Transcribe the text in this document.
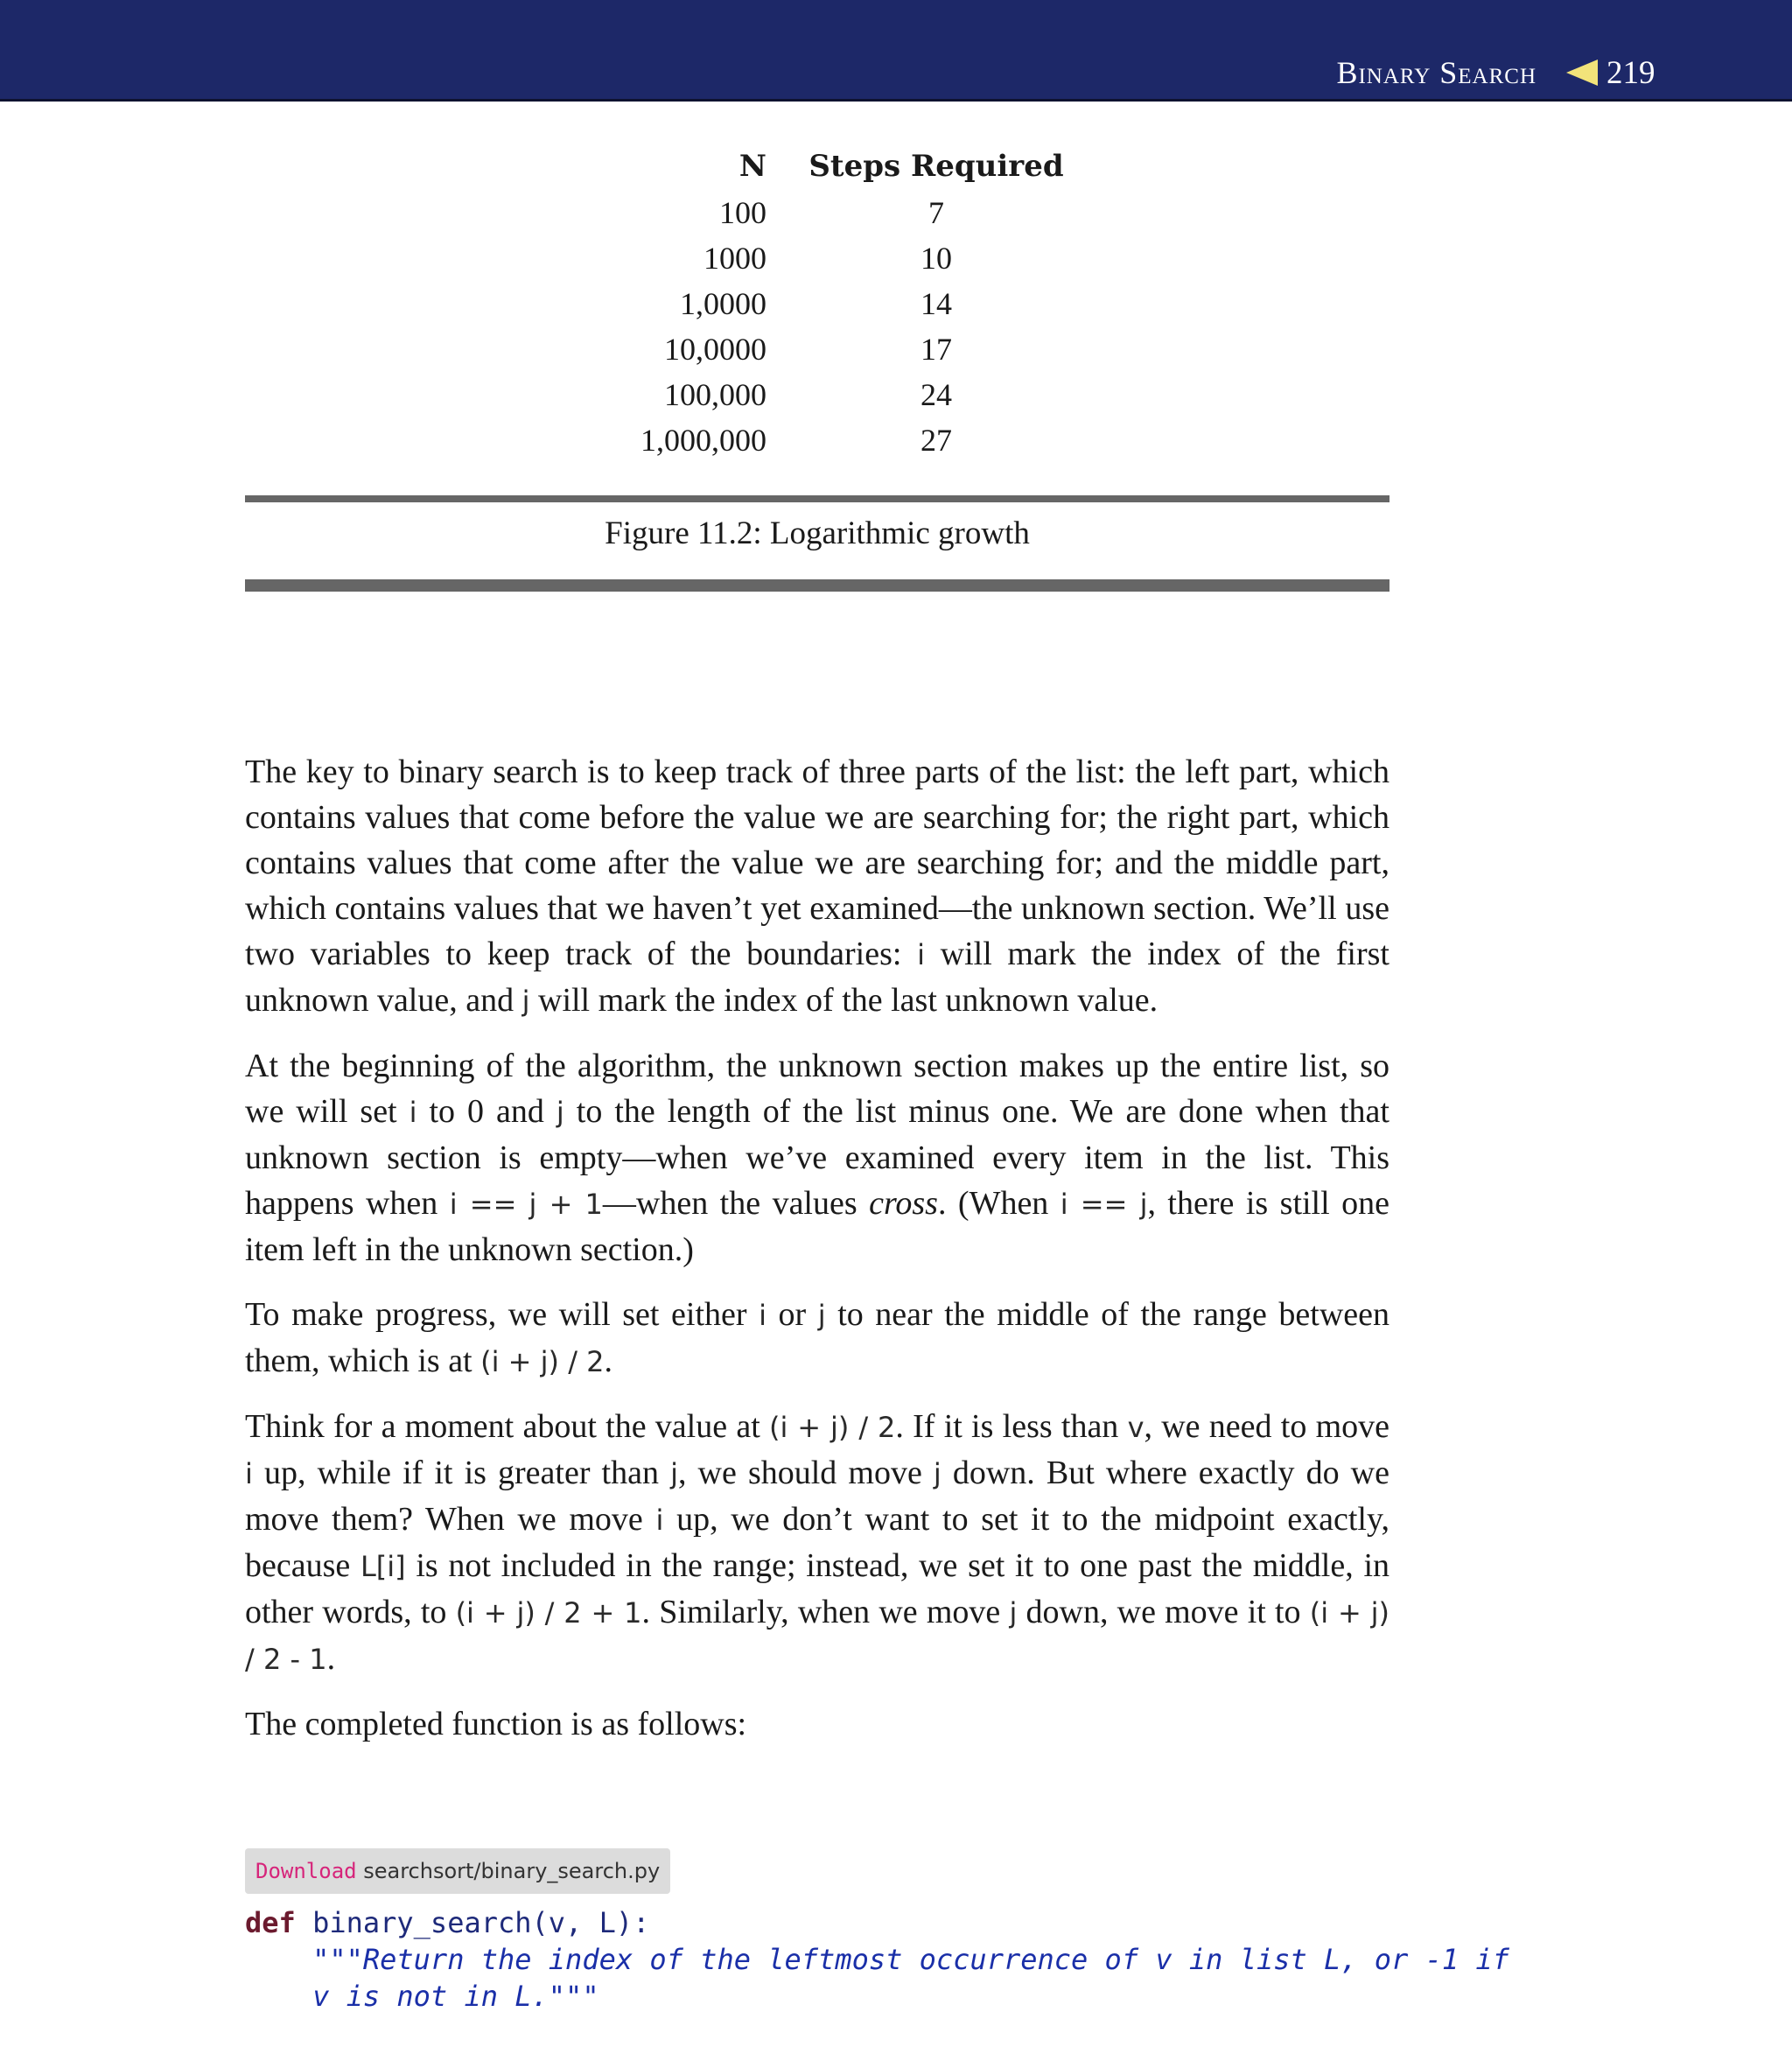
Binary Search 219
N Steps Required
100	7
1000	10
1,0000	14
10,0000	17
100,000	24
1,000,000	27
Figure 11.2: Logarithmic growth

The key to binary search is to keep track of three parts of the list: the left part, which contains values that come before the value we are searching for; the right part, which contains values that come after the value we are searching for; and the middle part, which contains values that we haven’t yet examined—the unknown section. We’ll use two variables to keep track of the boundaries: i will mark the index of the first unknown value, and j will mark the index of the last unknown value.

At the beginning of the algorithm, the unknown section makes up the entire list, so we will set i to 0 and j to the length of the list minus one. We are done when that unknown section is empty—when we’ve examined every item in the list. This happens when i == j + 1—when the values cross. (When i == j, there is still one item left in the unknown section.)

To make progress, we will set either i or j to near the middle of the range between them, which is at (i + j) / 2.

Think for a moment about the value at (i + j) / 2. If it is less than v, we need to move i up, while if it is greater than j, we should move j down. But where exactly do we move them? When we move i up, we don’t want to set it to the midpoint exactly, because L[i] is not included in the range; instead, we set it to one past the middle, in other words, to (i + j) / 2 + 1. Similarly, when we move j down, we move it to (i + j) / 2 - 1.

The completed function is as follows:

Download searchsort/binary_search.py
def binary_search(v, L):
"""Return the index of the leftmost occurrence of v in list L, or -1 if
v is not in L."""
